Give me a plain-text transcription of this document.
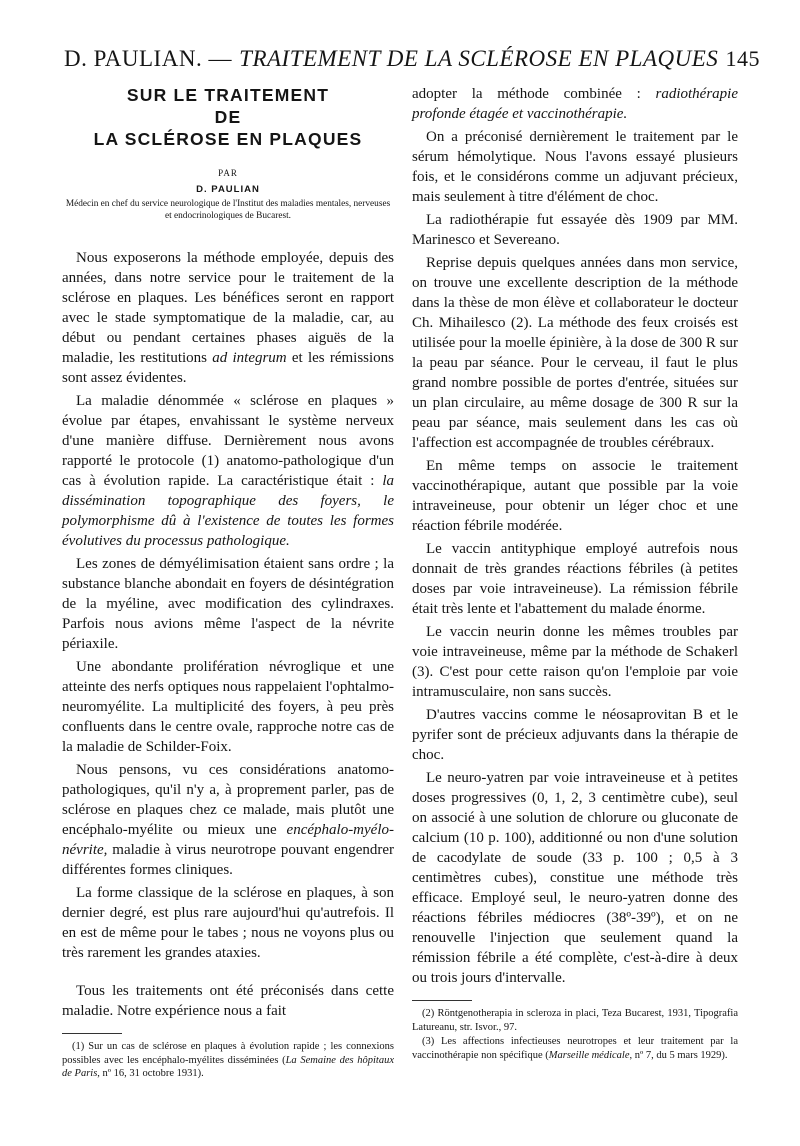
D. PAULIAN. — TRAITEMENT DE LA SCLÉROSE EN PLAQUES 145
SUR LE TRAITEMENT
DE
LA SCLÉROSE EN PLAQUES
PAR
D. PAULIAN
Médecin en chef du service neurologique de l'Institut des maladies mentales, nerveuses et endocrinologiques de Bucarest.

Nous exposerons la méthode employée, depuis des années, dans notre service pour le traitement de la sclérose en plaques. Les bénéfices seront en rapport avec le stade symptomatique de la maladie, car, au début ou pendant certaines phases aiguës de la maladie, les restitutions ad integrum et les rémissions sont assez évidentes.

La maladie dénommée « sclérose en plaques » évolue par étapes, envahissant le système nerveux d'une manière diffuse. Dernièrement nous avons rapporté le protocole (1) anatomo-pathologique d'un cas à évolution rapide. La caractéristique était : la dissémination topographique des foyers, le polymorphisme dû à l'existence de toutes les formes évolutives du processus pathologique.

Les zones de démyélimisation étaient sans ordre ; la substance blanche abondait en foyers de désintégration de la myéline, avec modification des cylindraxes. Parfois nous avions même l'aspect de la névrite périaxile.

Une abondante prolifération névroglique et une atteinte des nerfs optiques nous rappelaient l'ophtalmo-neuromyélite. La multiplicité des foyers, à peu près confluents dans le centre ovale, rapproche notre cas de la maladie de Schilder-Foix.

Nous pensons, vu ces considérations anatomo-pathologiques, qu'il n'y a, à proprement parler, pas de sclérose en plaques chez ce malade, mais plutôt une encéphalo-myélite ou mieux une encéphalo-myélo-névrite, maladie à virus neurotrope pouvant engendrer différentes formes cliniques.

La forme classique de la sclérose en plaques, à son dernier degré, est plus rare aujourd'hui qu'autrefois. Il en est de même pour le tabes ; nous ne voyons plus ou très rarement les grandes ataxies.

Tous les traitements ont été préconisés dans cette maladie. Notre expérience nous a fait

(1) Sur un cas de sclérose en plaques à évolution rapide ; les connexions possibles avec les encéphalo-myélites disséminées (La Semaine des hôpitaux de Paris, nº 16, 31 octobre 1931).

adopter la méthode combinée : radiothérapie profonde étagée et vaccinothérapie.

On a préconisé dernièrement le traitement par le sérum hémolytique. Nous l'avons essayé plusieurs fois, et le considérons comme un adjuvant précieux, mais seulement à titre d'élément de choc.

La radiothérapie fut essayée dès 1909 par MM. Marinesco et Severeano.

Reprise depuis quelques années dans mon service, on trouve une excellente description de la méthode dans la thèse de mon élève et collaborateur le docteur Ch. Mihailesco (2). La méthode des feux croisés est utilisée pour la moelle épinière, à la dose de 300 R sur la peau par séance. Pour le cerveau, il faut le plus grand nombre possible de portes d'entrée, situées sur un plan circulaire, au même dosage de 300 R sur la peau par séance, mais seulement dans les cas où l'affection est accompagnée de troubles cérébraux.

En même temps on associe le traitement vaccinothérapique, autant que possible par la voie intraveineuse, pour obtenir un léger choc et une réaction fébrile modérée.

Le vaccin antityphique employé autrefois nous donnait de très grandes réactions fébriles (à petites doses par voie intraveineuse). La rémission fébrile était très lente et l'abattement du malade énorme.

Le vaccin neurin donne les mêmes troubles par voie intraveineuse, même par la méthode de Schakerl (3). C'est pour cette raison qu'on l'emploie par voie intramusculaire, non sans succès.

D'autres vaccins comme le néosaprovitan B et le pyrifer sont de précieux adjuvants dans la thérapie de choc.

Le neuro-yatren par voie intraveineuse et à petites doses progressives (0, 1, 2, 3 centimètre cube), seul on associé à une solution de chlorure ou gluconate de calcium (10 p. 100), additionné ou non d'une solution de cacodylate de soude (33 p. 100 ; 0,5 à 3 centimètres cubes), constitue une méthode très efficace. Employé seul, le neuro-yatren donne des réactions fébriles médiocres (38º-39º), et on ne renouvelle l'injection que seulement quand la rémission fébrile a été complète, c'est-à-dire à deux ou trois jours d'intervalle.

(2) Röntgenotherapia in scleroza in placi, Teza Bucarest, 1931, Tipografia Latureanu, str. Isvor., 97.

(3) Les affections infectieuses neurotropes et leur traitement par la vaccinothérapie non spécifique (Marseille médicale, nº 7, du 5 mars 1929).
